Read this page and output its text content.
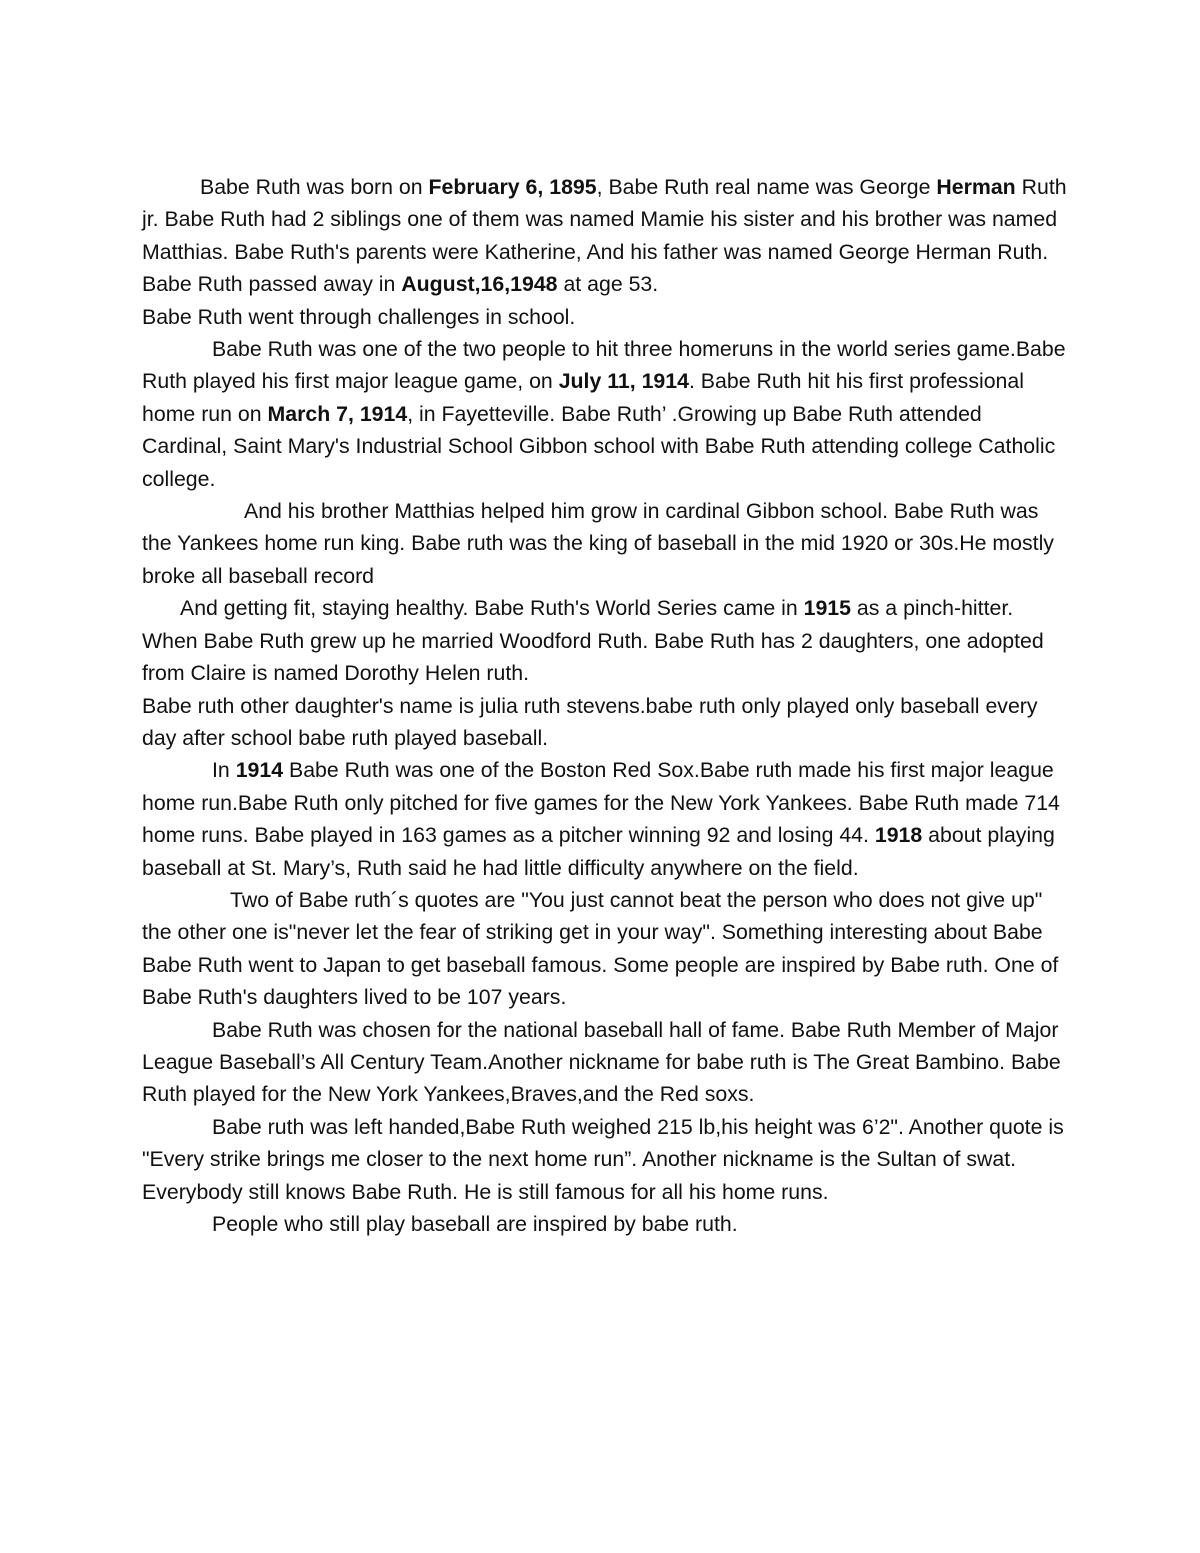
Babe Ruth was born on February 6, 1895, Babe Ruth real name was George Herman Ruth jr. Babe Ruth had 2 siblings one of them was named Mamie his sister and his brother was named Matthias. Babe Ruth's parents were Katherine, And his father was named George Herman Ruth. Babe Ruth passed away in August,16,1948 at age 53.

Babe Ruth went through challenges in school.

Babe Ruth was one of the two people to hit three homeruns in the world series game.Babe Ruth played his first major league game, on July 11, 1914. Babe Ruth hit his first professional home run on March 7, 1914, in Fayetteville. Babe Ruth’ .Growing up Babe Ruth attended Cardinal, Saint Mary's Industrial School Gibbon school with Babe Ruth attending college Catholic college.

And his brother Matthias helped him grow in cardinal Gibbon school. Babe Ruth was the Yankees home run king. Babe ruth was the king of baseball in the mid 1920 or 30s.He mostly broke all baseball record

And getting fit, staying healthy. Babe Ruth's World Series came in 1915 as a pinch-hitter. When Babe Ruth grew up he married Woodford Ruth. Babe Ruth has 2 daughters, one adopted from Claire is named Dorothy Helen ruth.

Babe ruth other daughter's name is julia ruth stevens.babe ruth only played only baseball every day after school babe ruth played baseball.

In 1914 Babe Ruth was one of the Boston Red Sox.Babe ruth made his first major league home run.Babe Ruth only pitched for five games for the New York Yankees. Babe Ruth made 714 home runs. Babe played in 163 games as a pitcher winning 92 and losing 44. 1918 about playing baseball at St. Mary’s, Ruth said he had little difficulty anywhere on the field.

Two of Babe ruth´s quotes are "You just cannot beat the person who does not give up" the other one is"never let the fear of striking get in your way". Something interesting about Babe Babe Ruth went to Japan to get baseball famous. Some people are inspired by Babe ruth. One of Babe Ruth's daughters lived to be 107 years.

Babe Ruth was chosen for the national baseball hall of fame. Babe Ruth Member of Major League Baseball’s All Century Team.Another nickname for babe ruth is The Great Bambino. Babe Ruth played for the New York Yankees,Braves,and the Red soxs.

Babe ruth was left handed,Babe Ruth weighed 215 lb,his height was 6’2". Another quote is "Every strike brings me closer to the next home run”. Another nickname is the Sultan of swat. Everybody still knows Babe Ruth. He is still famous for all his home runs.

People who still play baseball are inspired by babe ruth.
